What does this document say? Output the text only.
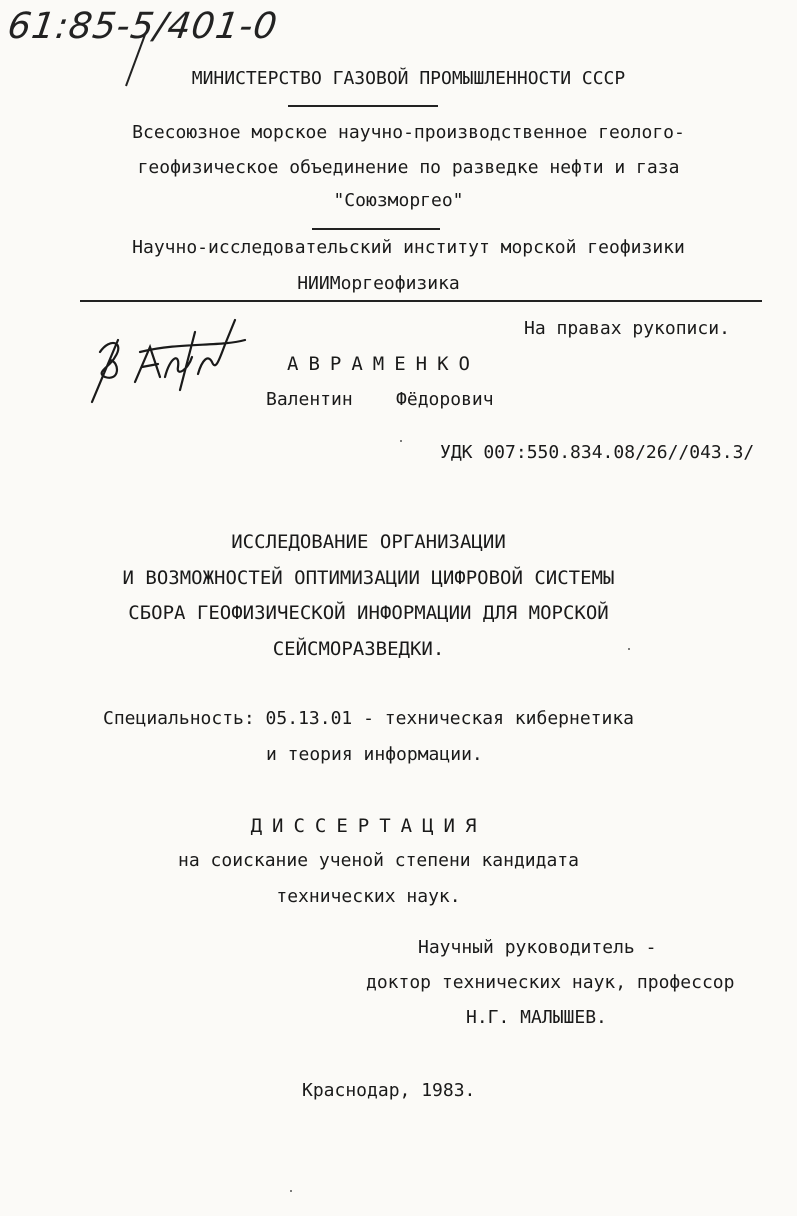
61:85-5/401-0
МИНИСТЕРСТВО ГАЗОВОЙ ПРОМЫШЛЕННОСТИ СССР
Всесоюзное морское научно-производственное геолого-
геофизическое объединение по разведке нефти и газа
"Союзморгео"
Научно-исследовательский институт морской геофизики
НИИМоргеофизика
На правах рукописи.
АВРАМЕНКО
Валентин    Фёдорович
УДК 007:550.834.08/26//043.3/
ИССЛЕДОВАНИЕ ОРГАНИЗАЦИИ
И ВОЗМОЖНОСТЕЙ ОПТИМИЗАЦИИ ЦИФРОВОЙ СИСТЕМЫ
СБОРА ГЕОФИЗИЧЕСКОЙ ИНФОРМАЦИИ ДЛЯ МОРСКОЙ
СЕЙСМОРАЗВЕДКИ.
Специальность: 05.13.01 - техническая кибернетика
и теория информации.
ДИССЕРТАЦИЯ
на соискание ученой степени кандидата
технических наук.
Научный руководитель -
доктор технических наук, профессор
Н.Г. МАЛЫШЕВ.
Краснодар, 1983.
